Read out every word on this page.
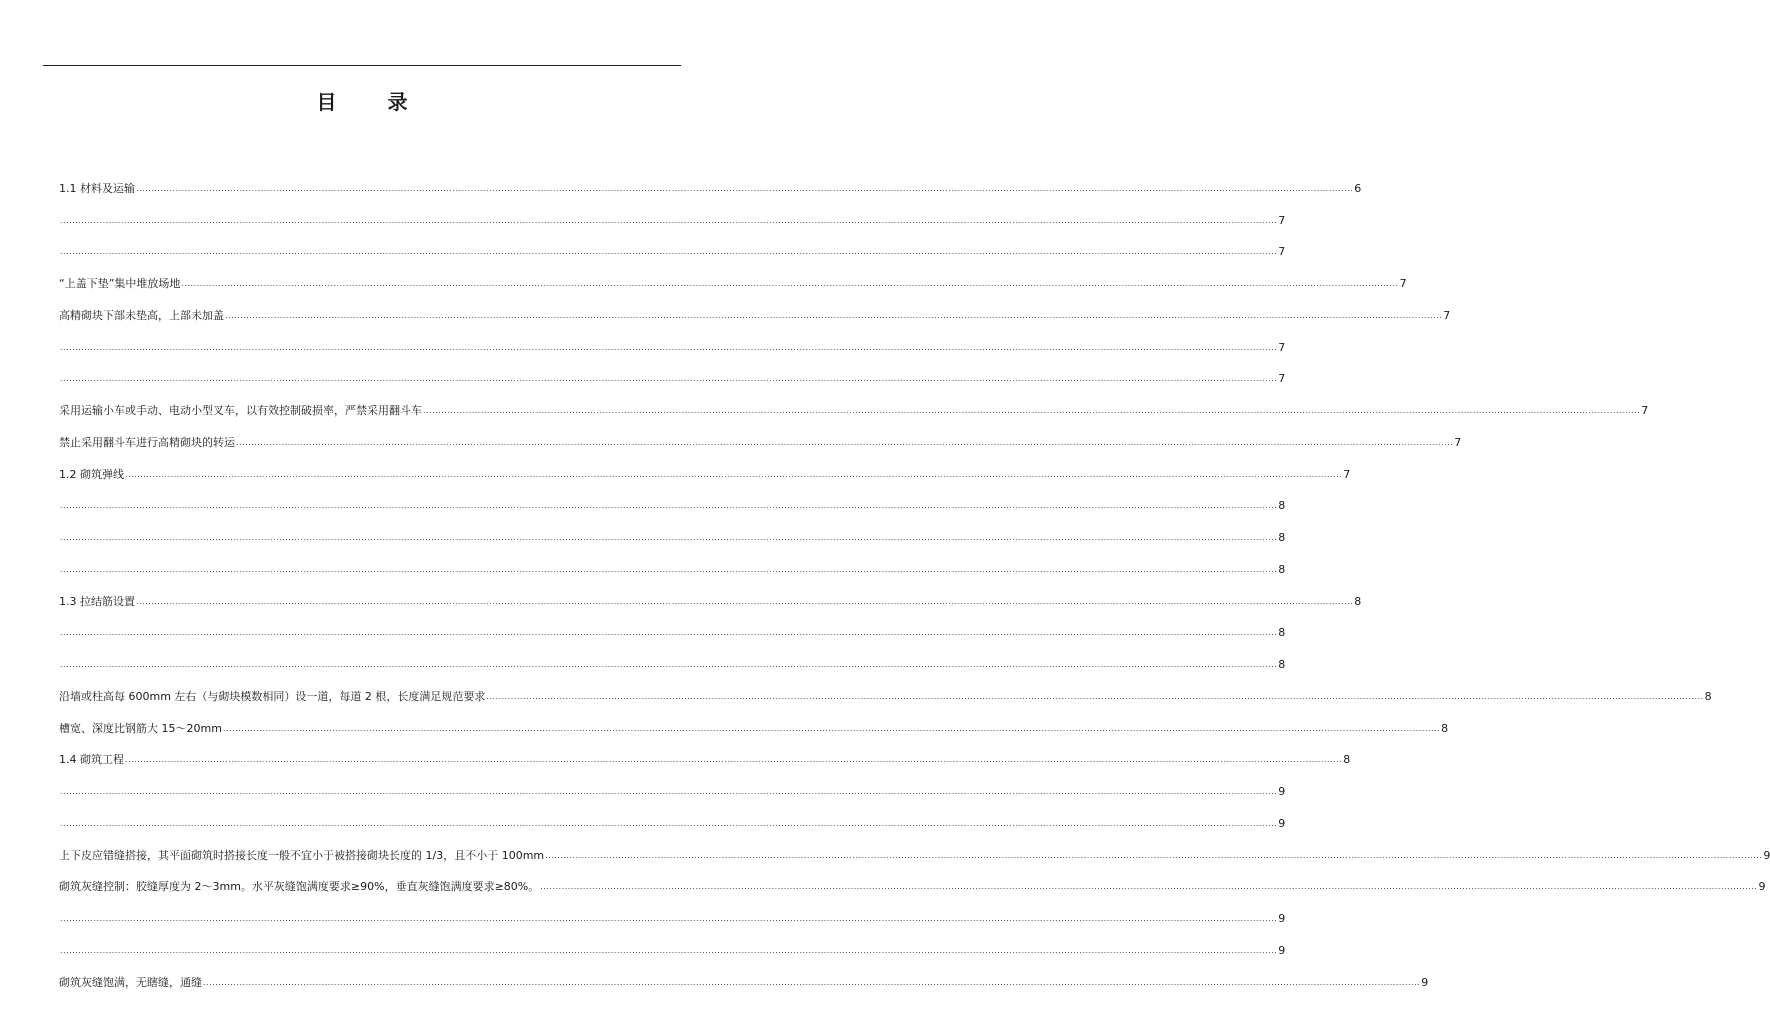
目 录
1.1 材料及运输 ................................................................................................................................................................................................................................................................................................................................................................................................................ 6
................................................................................................................................................................................................................................................................................................................................................................................................................ 7
................................................................................................................................................................................................................................................................................................................................................................................................................ 7
“上盖下垫”集中堆放场地 ................................................................................................................................................................................................................................................................................................................................................................................................................ 7
高精砌块下部未垫高，上部未加盖 ................................................................................................................................................................................................................................................................................................................................................................................................................ 7
................................................................................................................................................................................................................................................................................................................................................................................................................ 7
................................................................................................................................................................................................................................................................................................................................................................................................................ 7
采用运输小车或手动、电动小型叉车，以有效控制破损率，严禁采用翻斗车 ................................................................................................................................................................................................................................................................................................................................................................................................................ 7
禁止采用翻斗车进行高精砌块的转运 ................................................................................................................................................................................................................................................................................................................................................................................................................ 7
1.2 砌筑弹线 ................................................................................................................................................................................................................................................................................................................................................................................................................ 7
................................................................................................................................................................................................................................................................................................................................................................................................................ 8
................................................................................................................................................................................................................................................................................................................................................................................................................ 8
................................................................................................................................................................................................................................................................................................................................................................................................................ 8
1.3 拉结筋设置 ................................................................................................................................................................................................................................................................................................................................................................................................................ 8
................................................................................................................................................................................................................................................................................................................................................................................................................ 8
................................................................................................................................................................................................................................................................................................................................................................................................................ 8
沿墙或柱高每 600mm 左右（与砌块模数相同）设一道，每道 2 根，长度满足规范要求 ................................................................................................................................................................................................................................................................................................................................................................................................................ 8
槽宽、深度比钢筋大 15～20mm ................................................................................................................................................................................................................................................................................................................................................................................................................ 8
1.4 砌筑工程 ................................................................................................................................................................................................................................................................................................................................................................................................................ 8
................................................................................................................................................................................................................................................................................................................................................................................................................ 9
................................................................................................................................................................................................................................................................................................................................................................................................................ 9
上下皮应错缝搭接，其平面砌筑时搭接长度一般不宜小于被搭接砌块长度的 1/3，且不小于 100mm ................................................................................................................................................................................................................................................................................................................................................................................................................ 9
砌筑灰缝控制：胶缝厚度为 2～3mm。水平灰缝饱满度要求≥90%，垂直灰缝饱满度要求≥80%。 ................................................................................................................................................................................................................................................................................................................................................................................................................ 9
................................................................................................................................................................................................................................................................................................................................................................................................................ 9
................................................................................................................................................................................................................................................................................................................................................................................................................ 9
砌筑灰缝饱满，无瞎缝，通缝 ................................................................................................................................................................................................................................................................................................................................................................................................................ 9
